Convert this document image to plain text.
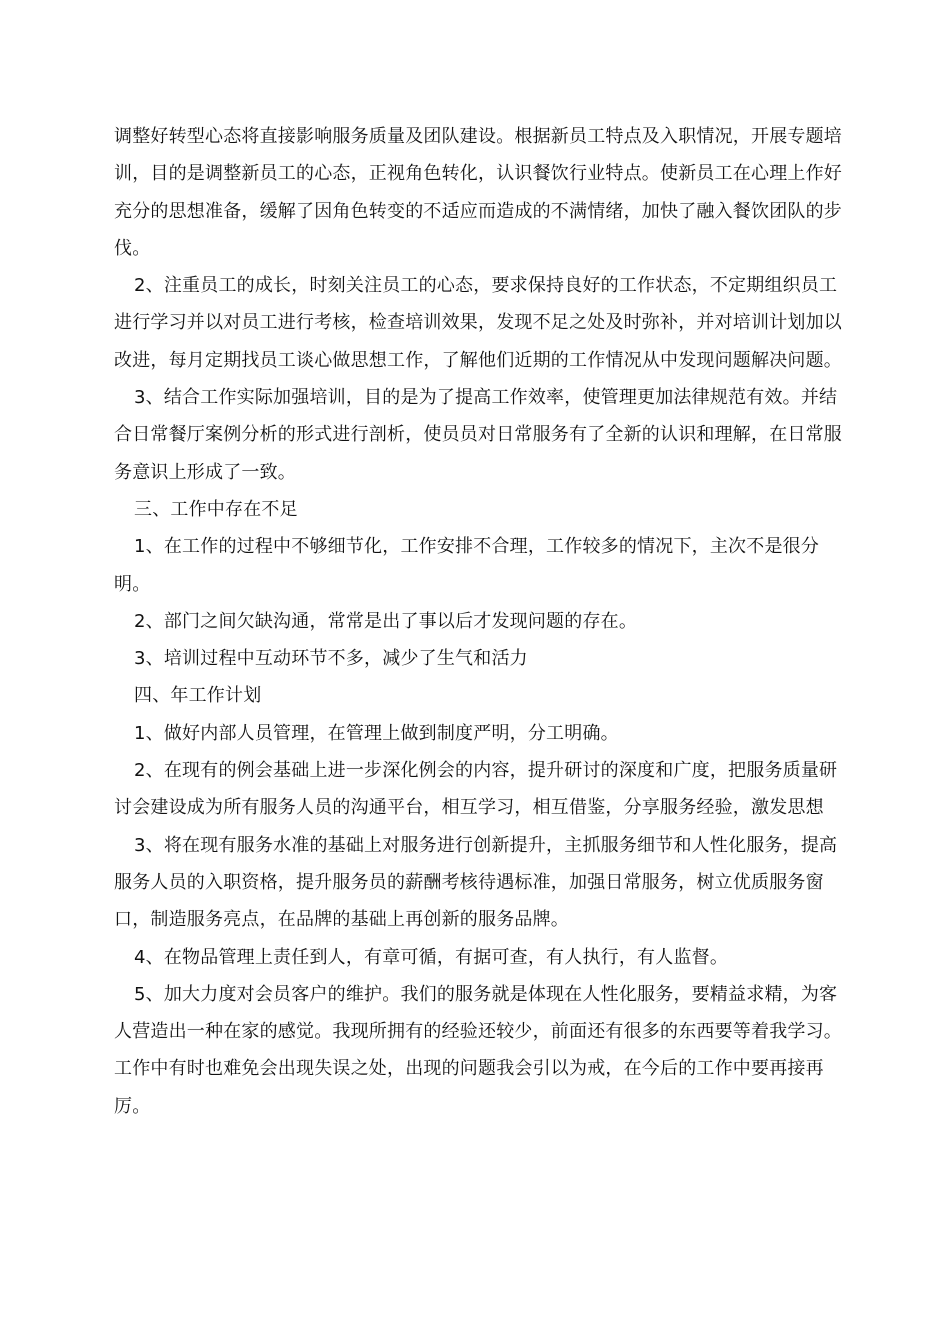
调整好转型心态将直接影响服务质量及团队建设。根据新员工特点及入职情况，开展专题培训，目的是调整新员工的心态，正视角色转化，认识餐饮行业特点。使新员工在心理上作好充分的思想准备，缓解了因角色转变的不适应而造成的不满情绪，加快了融入餐饮团队的步伐。

2、注重员工的成长，时刻关注员工的心态，要求保持良好的工作状态，不定期组织员工进行学习并以对员工进行考核，检查培训效果，发现不足之处及时弥补，并对培训计划加以改进，每月定期找员工谈心做思想工作，了解他们近期的工作情况从中发现问题解决问题。

3、结合工作实际加强培训，目的是为了提高工作效率，使管理更加法律规范有效。并结合日常餐厅案例分析的形式进行剖析，使员员对日常服务有了全新的认识和理解，在日常服务意识上形成了一致。

三、工作中存在不足

1、在工作的过程中不够细节化，工作安排不合理，工作较多的情况下，主次不是很分明。

2、部门之间欠缺沟通，常常是出了事以后才发现问题的存在。

3、培训过程中互动环节不多，减少了生气和活力

四、年工作计划

1、做好内部人员管理，在管理上做到制度严明，分工明确。

2、在现有的例会基础上进一步深化例会的内容，提升研讨的深度和广度，把服务质量研讨会建设成为所有服务人员的沟通平台，相互学习，相互借鉴，分享服务经验，激发思想

3、将在现有服务水准的基础上对服务进行创新提升，主抓服务细节和人性化服务，提高服务人员的入职资格，提升服务员的薪酬考核待遇标准，加强日常服务，树立优质服务窗口，制造服务亮点，在品牌的基础上再创新的服务品牌。

4、在物品管理上责任到人，有章可循，有据可查，有人执行，有人监督。

5、加大力度对会员客户的维护。我们的服务就是体现在人性化服务，要精益求精，为客人营造出一种在家的感觉。我现所拥有的经验还较少，前面还有很多的东西要等着我学习。工作中有时也难免会出现失误之处，出现的问题我会引以为戒，在今后的工作中要再接再厉。
